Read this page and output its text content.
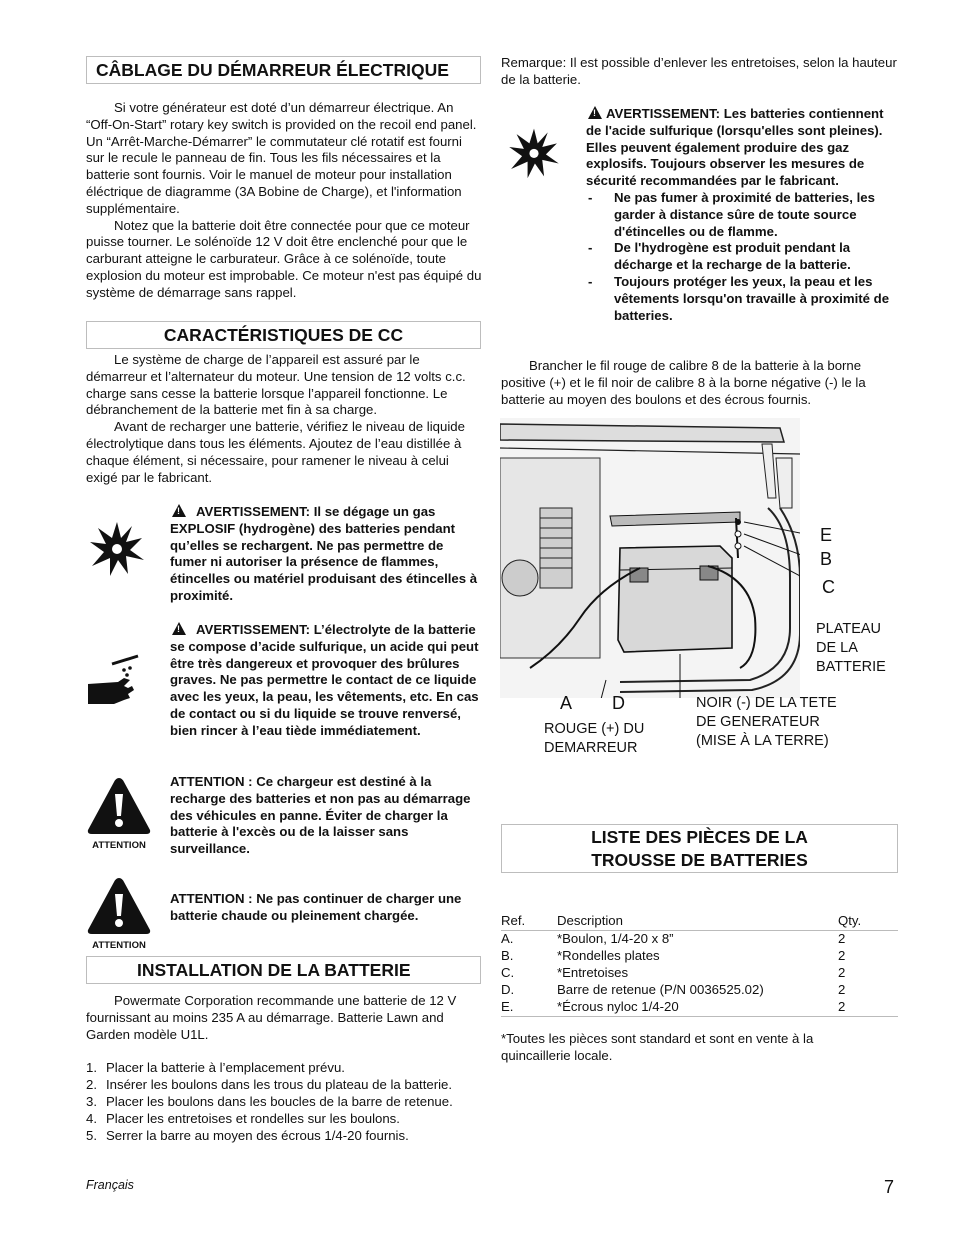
CÂBLAGE DU DÉMARREUR ÉLECTRIQUE

Si votre générateur est doté d’un démarreur électrique. An “Off-On-Start” rotary key switch is provided on the recoil end panel. Un “Arrêt-Marche-Démarrer” le commutateur clé rotatif est fourni sur le recule le panneau de fin. Tous les fils nécessaires et la batterie sont fournis. Voir le manuel de moteur pour installation éléctrique de diagramme (3A Bobine de Charge), et l'information supplémentaire.

Notez que la batterie doit être connectée pour que ce moteur puisse tourner. Le solénoïde 12 V doit être enclenché pour que le carburant atteigne le carburateur. Grâce à ce solénoïde, toute explosion du moteur est improbable. Ce moteur n'est pas équipé du système de démarrage sans rappel.

CARACTÉRISTIQUES DE CC

Le système de charge de l’appareil est assuré par le démarreur et l’alternateur du moteur. Une tension de 12 volts c.c. charge sans cesse la batterie lorsque l’appareil fonctionne. Le débranchement de la batterie met fin à sa charge.

Avant de recharger une batterie, vérifiez le niveau de liquide électrolytique dans tous les éléments. Ajoutez de l’eau distillée à chaque élément, si nécessaire, pour ramener le niveau à celui exigé par le fabricant.

!AVERTISSEMENT: Il se dégage un gas EXPLOSIF (hydrogène) des batteries pendant qu’elles se rechargent. Ne pas permettre de fumer ni autoriser la présence de flammes, étincelles ou matériel produisant des étincelles à proximité.
!AVERTISSEMENT: L’électrolyte de la batterie se compose d’acide sulfurique, un acide qui peut être très dangereux et provoquer des brûlures graves. Ne pas permettre le contact de ce liquide avec les yeux, la peau, les vêtements, etc. En cas de contact ou si du liquide se trouve renversé, bien rincer à l’eau tiède immédiatement.
ATTENTION
ATTENTION : Ce chargeur est destiné à la recharge des batteries et non pas au démarrage des véhicules en panne. Éviter de charger la batterie à l'excès ou de la laisser sans surveillance.
ATTENTION
ATTENTION : Ne pas continuer de charger une batterie chaude ou pleinement chargée.
INSTALLATION DE LA BATTERIE

Powermate Corporation recommande une batterie de 12 V fournissant au moins 235 A au démarrage. Batterie Lawn and Garden modèle U1L.

1. Placer la batterie à l’emplacement prévu.
2. Insérer les boulons dans les trous du plateau de la batterie.
3. Placer les boulons dans les boucles de la barre de retenue.
4. Placer les entretoises et rondelles sur les boulons.
5. Serrer la barre au moyen des écrous 1/4-20 fournis.
Remarque: Il est possible d’enlever les entretoises, selon la hauteur de la batterie.
!AVERTISSEMENT: Les batteries contiennent de l'acide sulfurique (lorsqu'elles sont pleines). Elles peuvent également produire des gaz explosifs. Toujours observer les mesures de sécurité recommandées par le fabricant.
- Ne pas fumer à proximité de batteries, les garder à distance sûre de toute source d'étincelles ou de flamme.
- De l'hydrogène est produit pendant la décharge et la recharge de la batterie.
- Toujours protéger les yeux, la peau et les vêtements lorsqu'on travaille à proximité de batteries.
Brancher le fil rouge de calibre 8 de la batterie à la borne positive (+) et le fil noir de calibre 8 à la borne négative (-) le la batterie au moyen des boulons et des écrous fournis.
E
B
C
PLATEAU
DE LA
BATTERIE
A D	NOIR (-) DE LA TETE
DE GENERATEUR
(MISE À LA TERRE)
ROUGE (+) DU
DEMARREUR
LISTE DES PIÈCES DE LA
TROUSSE DE BATTERIES
Ref.	Description	Qty.
A.	*Boulon, 1/4-20 x 8”	2
B.	*Rondelles plates	2
C.	*Entretoises	2
D.	Barre de retenue (P/N 0036525.02)	2
E.	*Écrous nyloc 1/4-20	2
*Toutes les pièces sont standard et sont en vente à la quincaillerie locale.
Français	7
